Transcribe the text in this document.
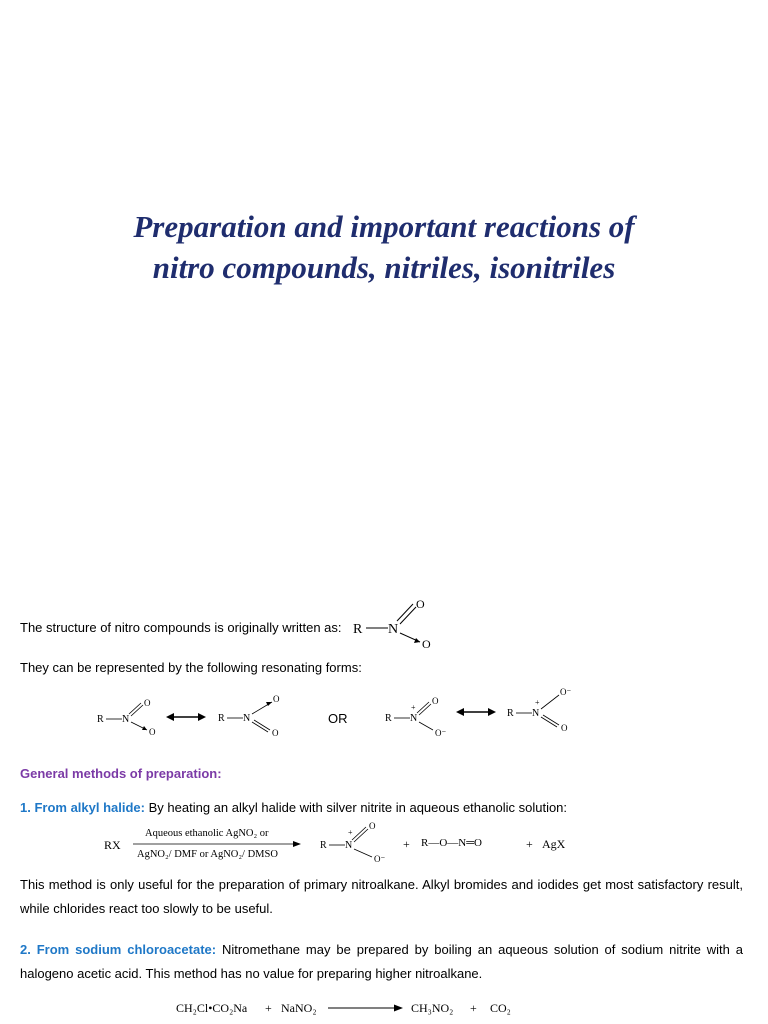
Preparation and important reactions of
nitro compounds, nitriles, isonitriles
The structure of nitro compounds is originally written as: R N
O
O
They can be represented by the following resonating forms:
R N
O
O
R N
O
O
OR	R
+
N
O
O⁻
R
+
N
O⁻
O
General methods of preparation:
1. From alkyl halide: By heating an alkyl halide with silver nitrite in aqueous ethanolic solution:
RX
Aqueous ethanolic AgNO₂ or
AgNO₂/ DMF or AgNO₂/ DMSO
R
+
N
O
O⁻
+ R—O—N═O	+ AgX
This method is only useful for the preparation of primary nitroalkane. Alkyl bromides and iodides get most satisfactory result, while chlorides react too slowly to be useful.
2. From sodium chloroacetate: Nitromethane may be prepared by boiling an aqueous solution of sodium nitrite with a halogeno acetic acid. This method has no value for preparing higher nitroalkane.
CH₂Cl•CO₂Na + NaNO₂	CH₃NO₂ + CO₂
